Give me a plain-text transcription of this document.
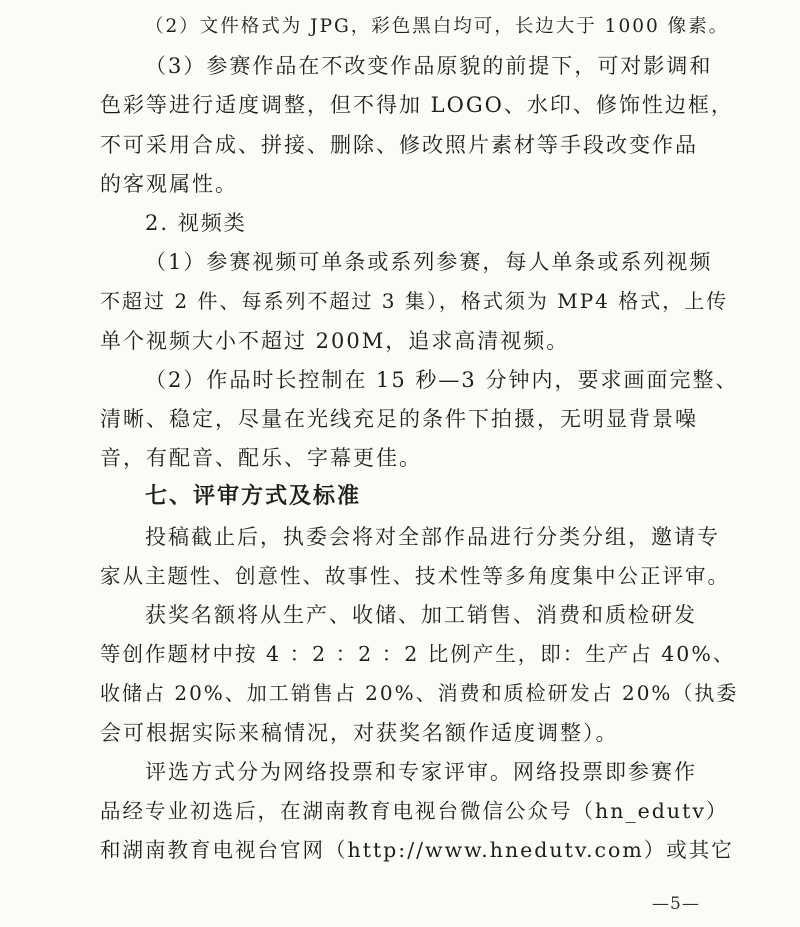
（2）文件格式为 JPG，彩色黑白均可，长边大于 1000 像素。
（3）参赛作品在不改变作品原貌的前提下，可对影调和
色彩等进行适度调整，但不得加 LOGO、水印、修饰性边框，
不可采用合成、拼接、删除、修改照片素材等手段改变作品
的客观属性。
2. 视频类
（1）参赛视频可单条或系列参赛，每人单条或系列视频
不超过 2 件、每系列不超过 3 集），格式须为 MP4 格式，上传
单个视频大小不超过 200M，追求高清视频。
（2）作品时长控制在 15 秒—3 分钟内，要求画面完整、
清晰、稳定，尽量在光线充足的条件下拍摄，无明显背景噪
音，有配音、配乐、字幕更佳。
七、评审方式及标准
投稿截止后，执委会将对全部作品进行分类分组，邀请专
家从主题性、创意性、故事性、技术性等多角度集中公正评审。
获奖名额将从生产、收储、加工销售、消费和质检研发
等创作题材中按 4 ：2 ：2 ：2 比例产生，即：生产占 40%、
收储占 20%、加工销售占 20%、消费和质检研发占 20%（执委
会可根据实际来稿情况，对获奖名额作适度调整）。
评选方式分为网络投票和专家评审。网络投票即参赛作
品经专业初选后，在湖南教育电视台微信公众号（hn_edutv）
和湖南教育电视台官网（http://www.hnedutv.com）或其它
—5—
